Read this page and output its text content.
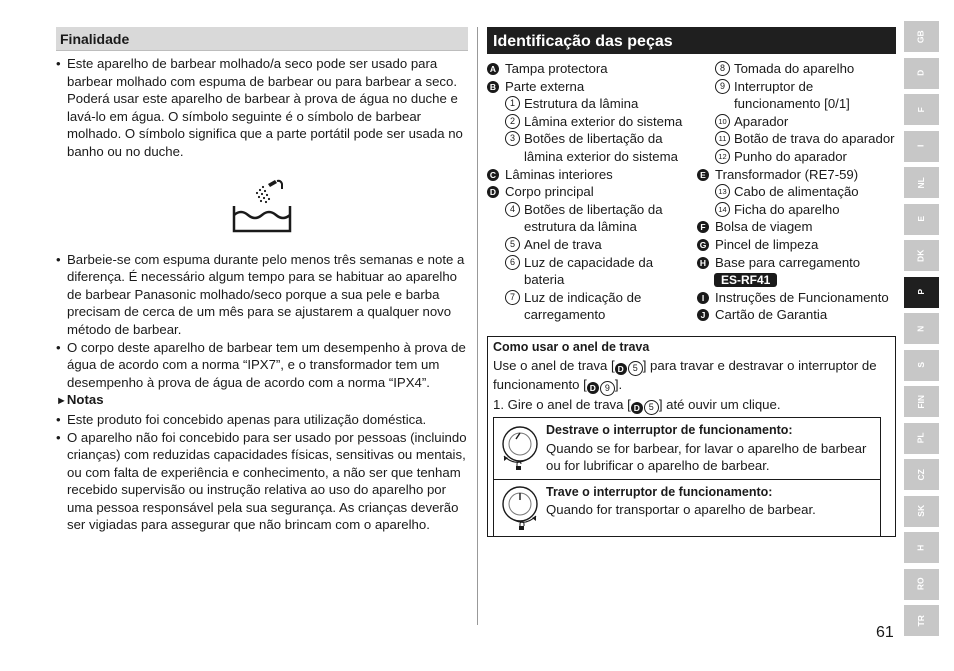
Finalidade
• Este aparelho de barbear molhado/a seco pode ser usado para barbear molhado com espuma de barbear ou para barbear a seco. Poderá usar este aparelho de barbear à prova de água no duche e lavá-lo em água. O símbolo seguinte é o símbolo de barbear molhado. O símbolo significa que a parte portátil pode ser usada no banho ou no duche.
• Barbeie-se com espuma durante pelo menos três semanas e note a diferença. É necessário algum tempo para se habituar ao aparelho de barbear Panasonic molhado/seco porque a sua pele e barba precisam de cerca de um mês para se ajustarem a qualquer novo método de barbear.
• O corpo deste aparelho de barbear tem um desempenho à prova de água de acordo com a norma “IPX7”, e o transformador tem um desempenho à prova de água de acordo com a norma “IPX4”.
►Notas
• Este produto foi concebido apenas para utilização doméstica.
• O aparelho não foi concebido para ser usado por pessoas (incluindo crianças) com reduzidas capacidades físicas, sensitivas ou mentais, ou com falta de experiência e conhecimento, a não ser que tenham recebido supervisão ou instrução relativa ao uso do aparelho por uma pessoa responsável pela sua segurança. As crianças deverão ser vigiadas para assegurar que não brincam com o aparelho.
Identificação das peças
A Tampa protectora
B Parte externa
1 Estrutura da lâmina
2 Lâmina exterior do sistema
3 Botões de libertação da lâmina exterior do sistema
C Lâminas interiores
D Corpo principal
4 Botões de libertação da estrutura da lâmina
5 Anel de trava
6 Luz de capacidade da bateria
7 Luz de indicação de carregamento
8 Tomada do aparelho
9 Interruptor de funcionamento [0/1]
10 Aparador
11 Botão de trava do aparador
12 Punho do aparador
E Transformador (RE7-59)
13 Cabo de alimentação
14 Ficha do aparelho
F Bolsa de viagem
G Pincel de limpeza
H Base para carregamento
ES-RF41
I Instruções de Funcionamento
J Cartão de Garantia
Como usar o anel de trava
Use o anel de trava [ D 5 ] para travar e destravar o interruptor de funcionamento [ D 9 ].
1. Gire o anel de trava [ D 5 ] até ouvir um clique.
Destrave o interruptor de funcionamento:
Quando se for barbear, for lavar o aparelho de barbear ou for lubrificar o aparelho de barbear.
Trave o interruptor de funcionamento:
Quando for transportar o aparelho de barbear.
61
GB
D
F
I
NL
E
DK
P
N
S
FIN
PL
CZ
SK
H
RO
TR
